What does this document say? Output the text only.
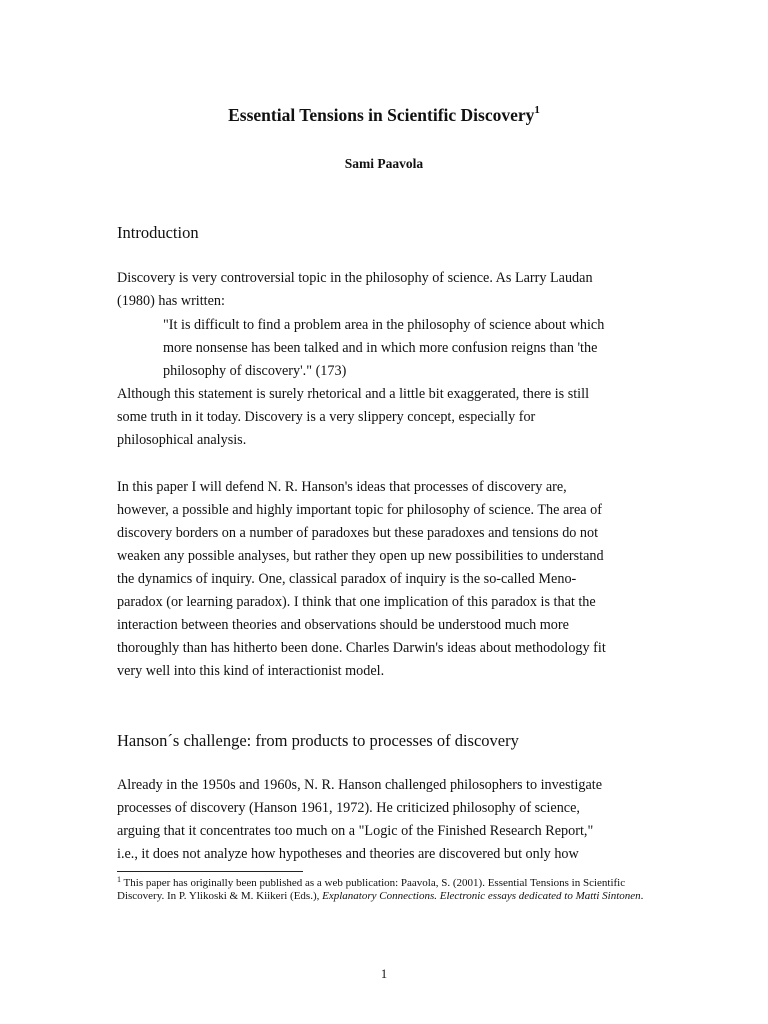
Essential Tensions in Scientific Discovery$^1$
Sami Paavola
Introduction

Discovery is very controversial topic in the philosophy of science. As Larry Laudan
(1980) has written:

"It is difficult to find a problem area in the philosophy of science about which
more nonsense has been talked and in which more confusion reigns than 'the
philosophy of discovery'." (173)

Although this statement is surely rhetorical and a little bit exaggerated, there is still
some truth in it today. Discovery is a very slippery concept, especially for
philosophical analysis.

In this paper I will defend N. R. Hanson's ideas that processes of discovery are,
however, a possible and highly important topic for philosophy of science. The area of
discovery borders on a number of paradoxes but these paradoxes and tensions do not
weaken any possible analyses, but rather they open up new possibilities to understand
the dynamics of inquiry. One, classical paradox of inquiry is the so-called Meno-
paradox (or learning paradox). I think that one implication of this paradox is that the
interaction between theories and observations should be understood much more
thoroughly than has hitherto been done. Charles Darwin's ideas about methodology fit
very well into this kind of interactionist model.

Hanson´s challenge: from products to processes of discovery

Already in the 1950s and 1960s, N. R. Hanson challenged philosophers to investigate
processes of discovery (Hanson 1961, 1972). He criticized philosophy of science,
arguing that it concentrates too much on a "Logic of the Finished Research Report,"
i.e., it does not analyze how hypotheses and theories are discovered but only how

$^1$ This paper has originally been published as a web publication: Paavola, S. (2001). Essential Tensions in Scientific Discovery. In P. Ylikoski & M. Kiikeri (Eds.), Explanatory Connections. Electronic essays dedicated to Matti Sintonen.
1
